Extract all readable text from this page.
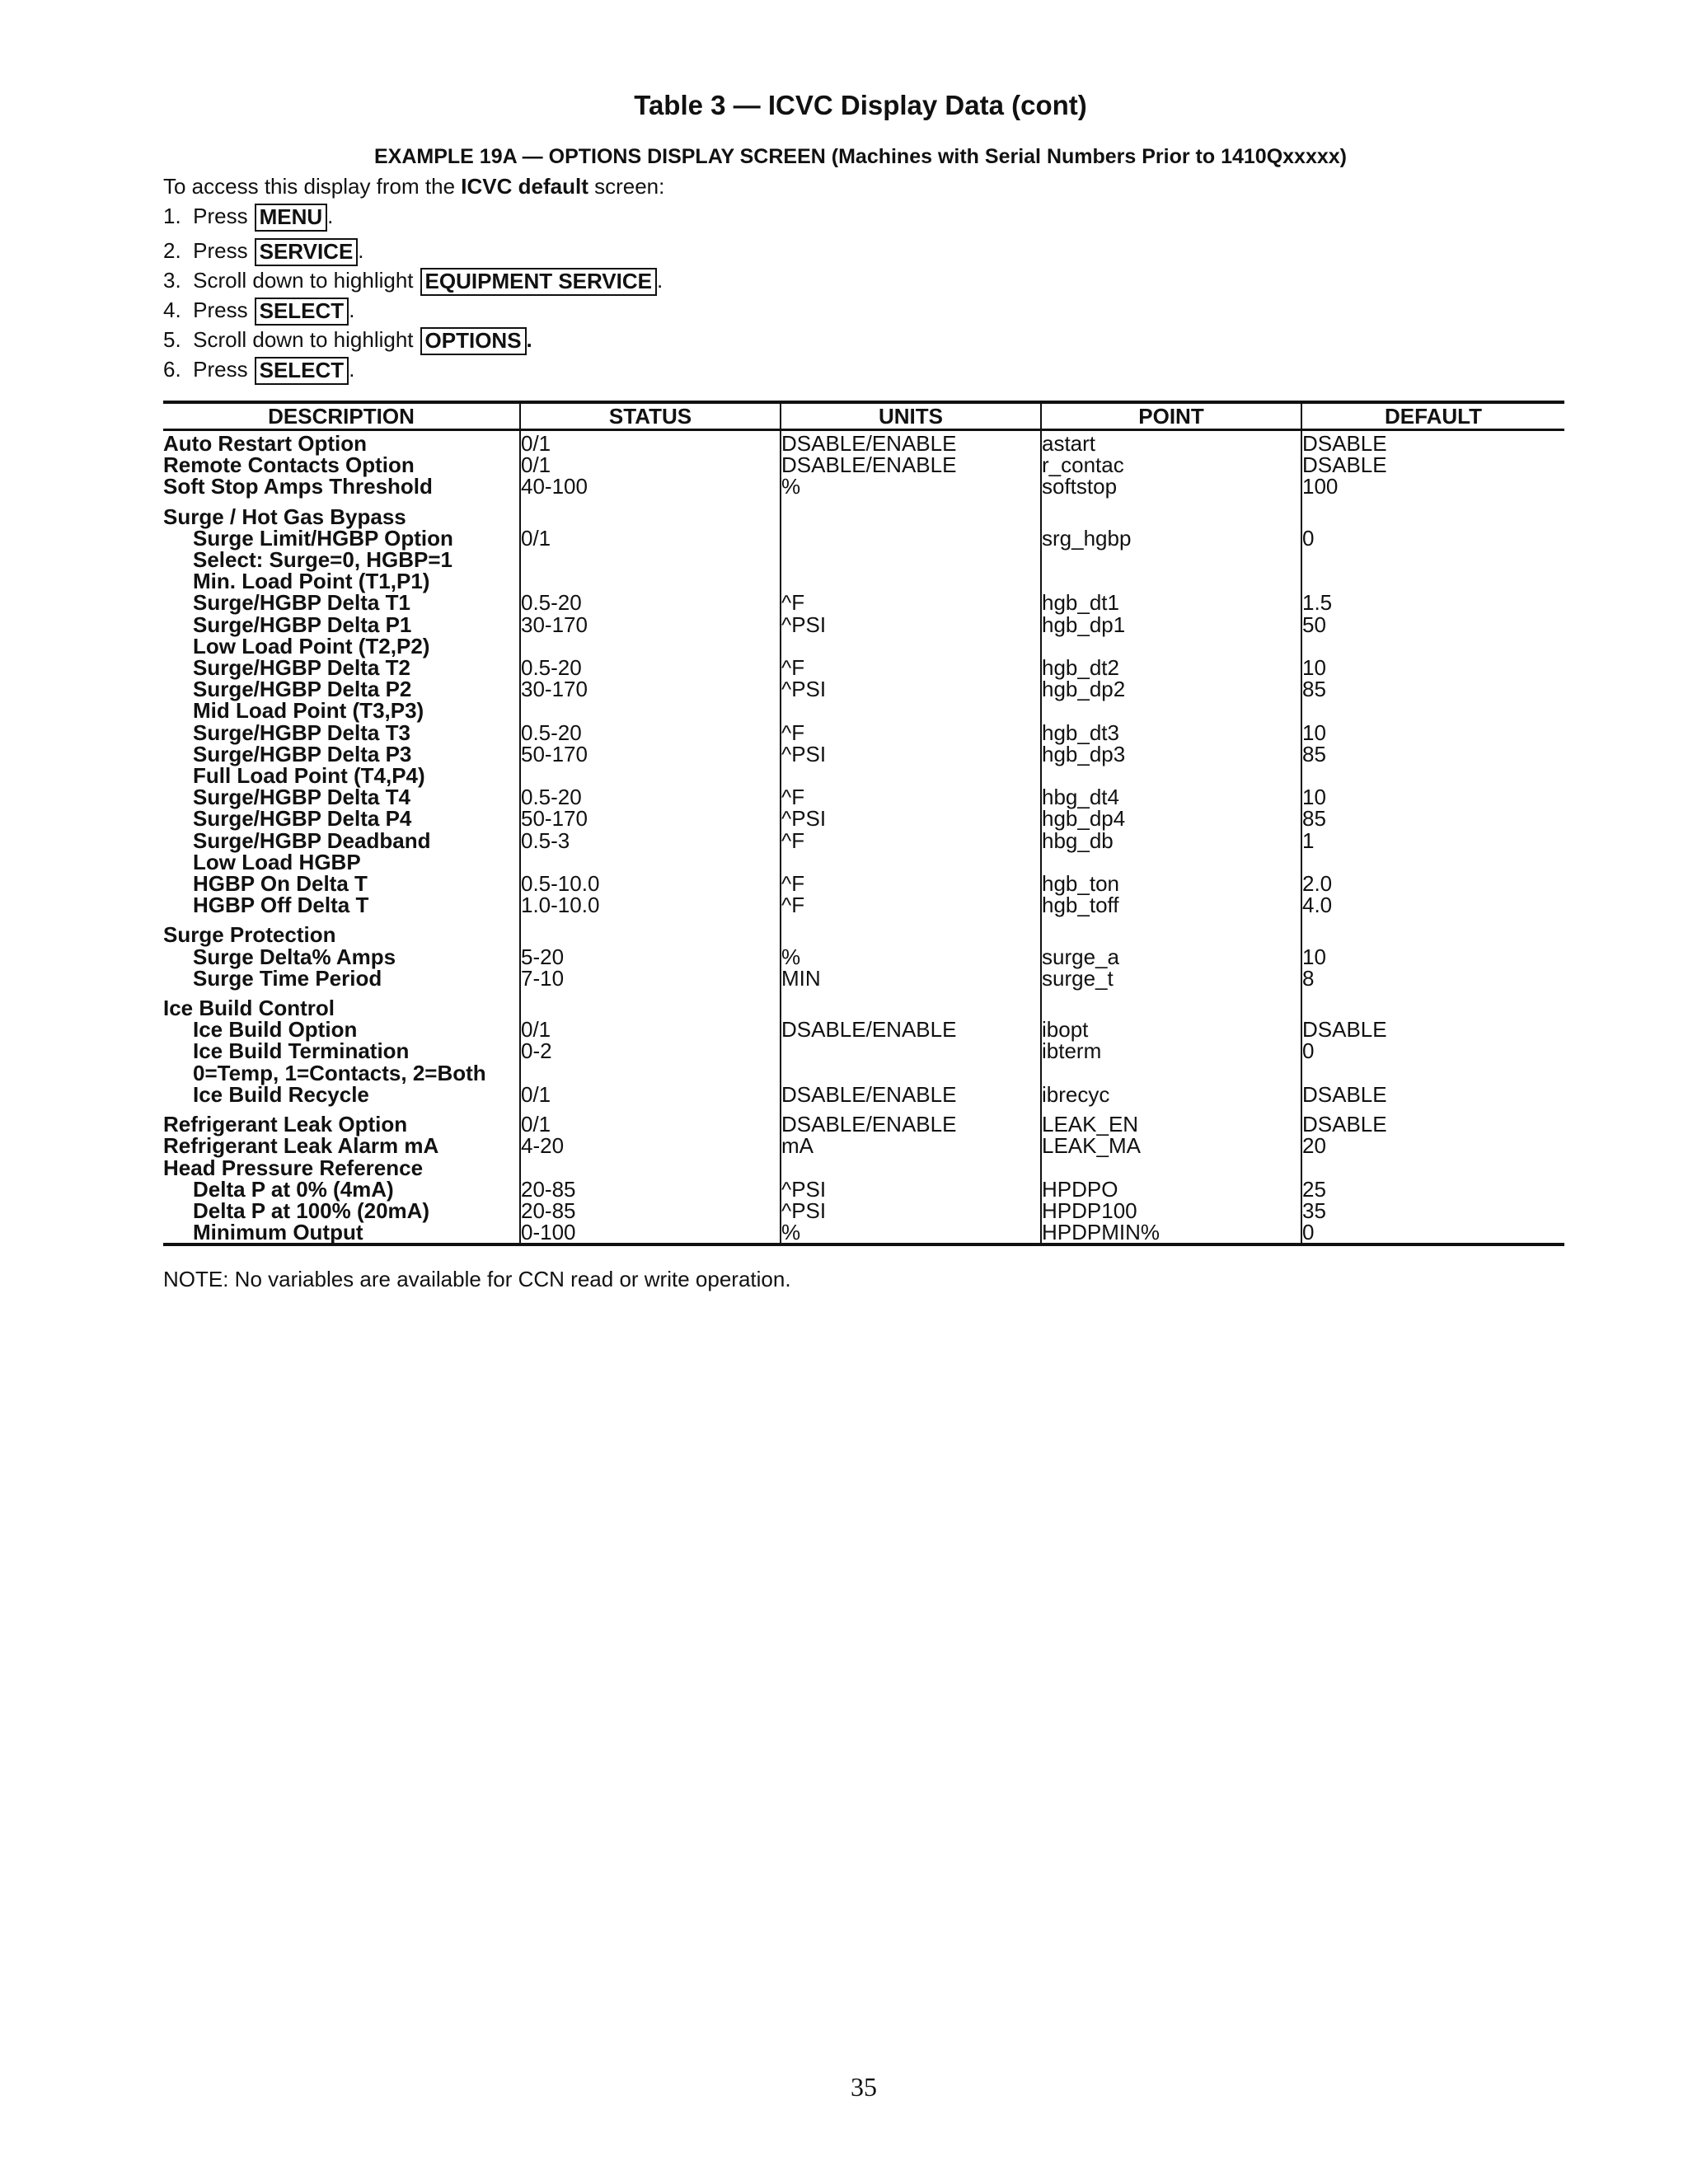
Table 3 — ICVC Display Data (cont)
EXAMPLE 19A — OPTIONS DISPLAY SCREEN (Machines with Serial Numbers Prior to 1410Qxxxxx)
To access this display from the ICVC default screen:
1. Press MENU .
2. Press SERVICE .
3. Scroll down to highlight EQUIPMENT SERVICE .
4. Press SELECT .
5. Scroll down to highlight OPTIONS .
6. Press SELECT .
DESCRIPTION	STATUS	UNITS	POINT	DEFAULT
Auto Restart Option	0/1	DSABLE/ENABLE	astart	DSABLE
Remote Contacts Option	0/1	DSABLE/ENABLE	r_contac	DSABLE
Soft Stop Amps Threshold	40-100	%	softstop	100
Surge / Hot Gas Bypass				
Surge Limit/HGBP Option	0/1		srg_hgbp	0
Select: Surge=0, HGBP=1				
Min. Load Point (T1,P1)				
Surge/HGBP Delta T1	0.5-20	^F	hgb_dt1	1.5
Surge/HGBP Delta P1	30-170	^PSI	hgb_dp1	50
Low Load Point (T2,P2)				
Surge/HGBP Delta T2	0.5-20	^F	hgb_dt2	10
Surge/HGBP Delta P2	30-170	^PSI	hgb_dp2	85
Mid Load Point (T3,P3)				
Surge/HGBP Delta T3	0.5-20	^F	hgb_dt3	10
Surge/HGBP Delta P3	50-170	^PSI	hgb_dp3	85
Full Load Point (T4,P4)				
Surge/HGBP Delta T4	0.5-20	^F	hbg_dt4	10
Surge/HGBP Delta P4	50-170	^PSI	hgb_dp4	85
Surge/HGBP Deadband	0.5-3	^F	hbg_db	1
Low Load HGBP				
HGBP On Delta T	0.5-10.0	^F	hgb_ton	2.0
HGBP Off Delta T	1.0-10.0	^F	hgb_toff	4.0
Surge Protection				
Surge Delta% Amps	5-20	%	surge_a	10
Surge Time Period	7-10	MIN	surge_t	8
Ice Build Control				
Ice Build Option	0/1	DSABLE/ENABLE	ibopt	DSABLE
Ice Build Termination	0-2		ibterm	0
0=Temp, 1=Contacts, 2=Both				
Ice Build Recycle	0/1	DSABLE/ENABLE	ibrecyc	DSABLE
Refrigerant Leak Option	0/1	DSABLE/ENABLE	LEAK_EN	DSABLE
Refrigerant Leak Alarm mA	4-20	mA	LEAK_MA	20
Head Pressure Reference				
Delta P at 0% (4mA)	20-85	^PSI	HPDPO	25
Delta P at 100% (20mA)	20-85	^PSI	HPDP100	35
Minimum Output	0-100	%	HPDPMIN%	0
NOTE: No variables are available for CCN read or write operation.
35
